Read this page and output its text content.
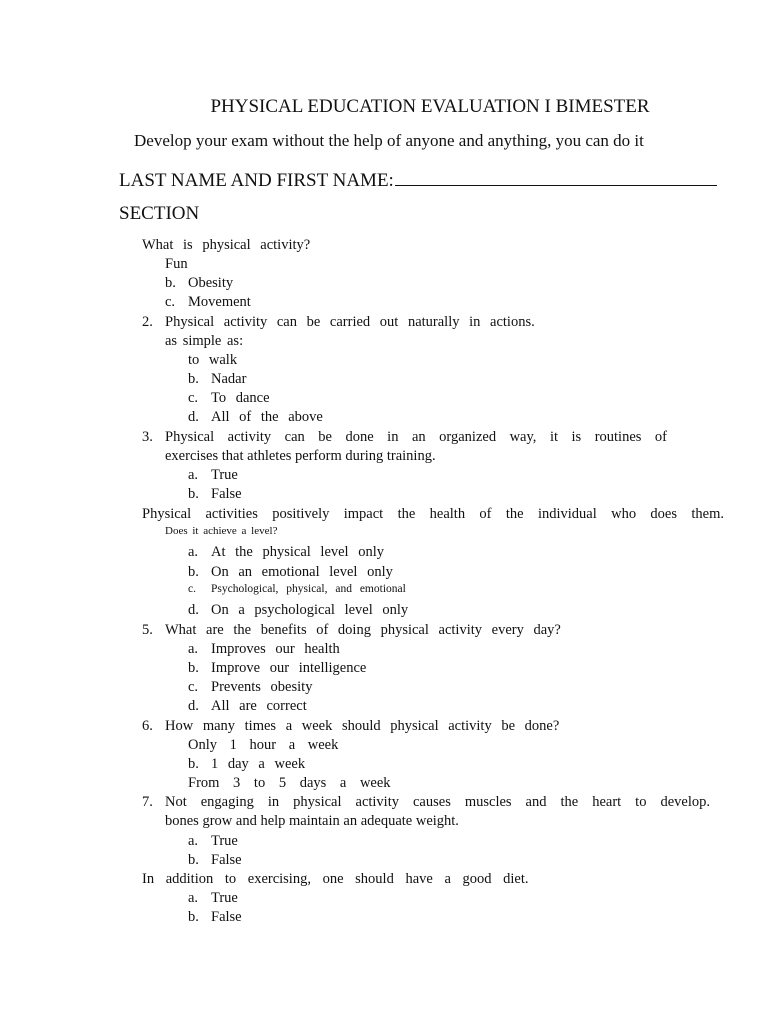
PHYSICAL EDUCATION EVALUATION I BIMESTER
Develop your exam without the help of anyone and anything, you can do it
LAST NAME AND FIRST NAME:
SECTION
What is physical activity?
Fun
b. Obesity
c. Movement
2. Physical activity can be carried out naturally in actions.
as simple as:
to walk
b. Nadar
c. To dance
d. All of the above
3. Physical activity can be done in an organized way, it is routines of
exercises that athletes perform during training.
a. True
b. False
Physical activities positively impact the health of the individual who does them.
Does it achieve a level?
a. At the physical level only
b. On an emotional level only
c. Psychological, physical, and emotional
d. On a psychological level only
5. What are the benefits of doing physical activity every day?
a. Improves our health
b. Improve our intelligence
c. Prevents obesity
d. All are correct
6. How many times a week should physical activity be done?
Only 1 hour a week
b. 1 day a week
From 3 to 5 days a week
7. Not engaging in physical activity causes muscles and the heart to develop.
bones grow and help maintain an adequate weight.
a. True
b. False
In addition to exercising, one should have a good diet.
a. True
b. False
